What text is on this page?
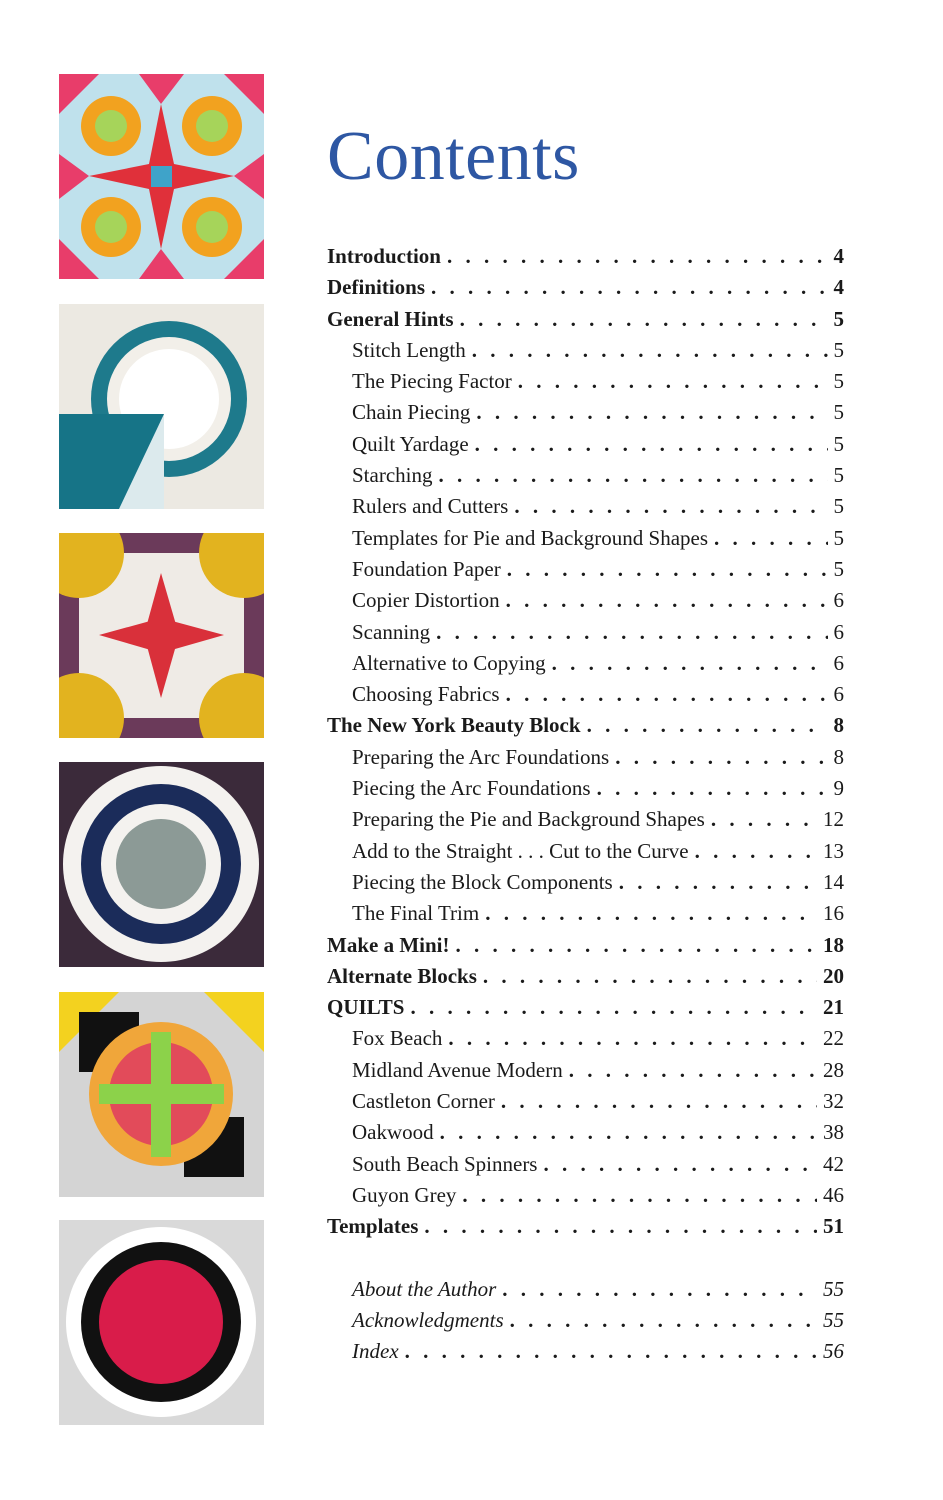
Contents
Introduction . . .	4
Definitions . . .	4
General Hints . . .	5
Stitch Length . . .	5
The Piecing Factor . . .	5
Chain Piecing . . .	5
Quilt Yardage . . .	5
Starching . . .	5
Rulers and Cutters . . .	5
Templates for Pie and Background Shapes . . .	5
Foundation Paper . . .	5
Copier Distortion . . .	6
Scanning . . .	6
Alternative to Copying . . .	6
Choosing Fabrics . . .	6
The New York Beauty Block . . .	8
Preparing the Arc Foundations . . .	8
Piecing the Arc Foundations . . .	9
Preparing the Pie and Background Shapes . . .	12
Add to the Straight . . . Cut to the Curve . . .	13
Piecing the Block Components . . .	14
The Final Trim . . .	16
Make a Mini! . . .	18
Alternate Blocks . . .	20
QUILTS . . .	21
Fox Beach . . .	22
Midland Avenue Modern . . .	28
Castleton Corner . . .	32
Oakwood . . .	38
South Beach Spinners . . .	42
Guyon Grey . . .	46
Templates . . .	51
About the Author . . .	55
Acknowledgments . . .	55
Index . . .	56
